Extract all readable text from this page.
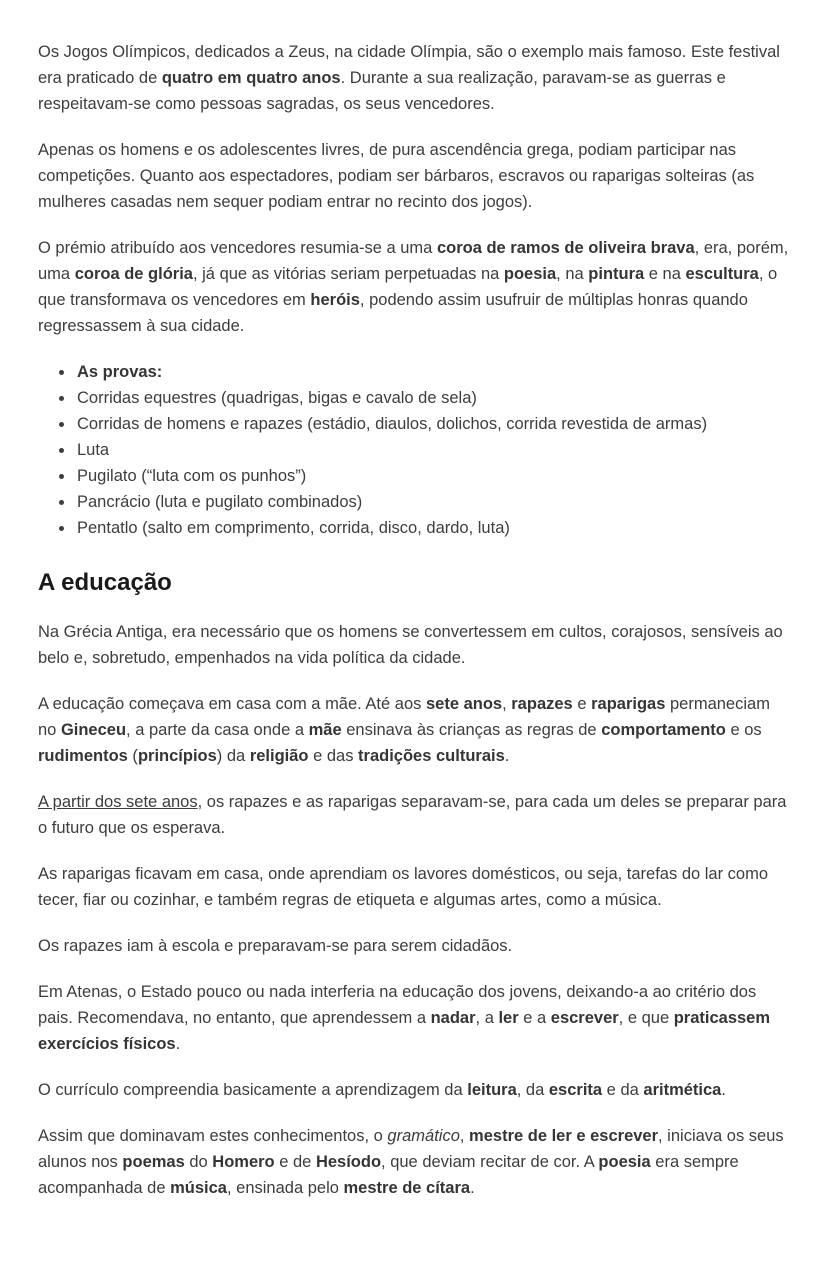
Os Jogos Olímpicos, dedicados a Zeus, na cidade Olímpia, são o exemplo mais famoso. Este festival era praticado de quatro em quatro anos. Durante a sua realização, paravam-se as guerras e respeitavam-se como pessoas sagradas, os seus vencedores.

Apenas os homens e os adolescentes livres, de pura ascendência grega, podiam participar nas competições. Quanto aos espectadores, podiam ser bárbaros, escravos ou raparigas solteiras (as mulheres casadas nem sequer podiam entrar no recinto dos jogos).

O prémio atribuído aos vencedores resumia-se a uma coroa de ramos de oliveira brava, era, porém, uma coroa de glória, já que as vitórias seriam perpetuadas na poesia, na pintura e na escultura, o que transformava os vencedores em heróis, podendo assim usufruir de múltiplas honras quando regressassem à sua cidade.

• As provas:
• Corridas equestres (quadrigas, bigas e cavalo de sela)
• Corridas de homens e rapazes (estádio, diaulos, dolichos, corrida revestida de armas)
• Luta
• Pugilato (“luta com os punhos”)
• Pancrácio (luta e pugilato combinados)
• Pentatlo (salto em comprimento, corrida, disco, dardo, luta)
A educação

Na Grécia Antiga, era necessário que os homens se convertessem em cultos, corajosos, sensíveis ao belo e, sobretudo, empenhados na vida política da cidade.

A educação começava em casa com a mãe. Até aos sete anos, rapazes e raparigas permaneciam no Gineceu, a parte da casa onde a mãe ensinava às crianças as regras de comportamento e os rudimentos (princípios) da religião e das tradições culturais.

A partir dos sete anos, os rapazes e as raparigas separavam-se, para cada um deles se preparar para o futuro que os esperava.

As raparigas ficavam em casa, onde aprendiam os lavores domésticos, ou seja, tarefas do lar como tecer, fiar ou cozinhar, e também regras de etiqueta e algumas artes, como a música.

Os rapazes iam à escola e preparavam-se para serem cidadãos.

Em Atenas, o Estado pouco ou nada interferia na educação dos jovens, deixando-a ao critério dos pais. Recomendava, no entanto, que aprendessem a nadar, a ler e a escrever, e que praticassem exercícios físicos.

O currículo compreendia basicamente a aprendizagem da leitura, da escrita e da aritmética.

Assim que dominavam estes conhecimentos, o gramático, mestre de ler e escrever, iniciava os seus alunos nos poemas do Homero e de Hesíodo, que deviam recitar de cor. A poesia era sempre acompanhada de música, ensinada pelo mestre de cítara.
